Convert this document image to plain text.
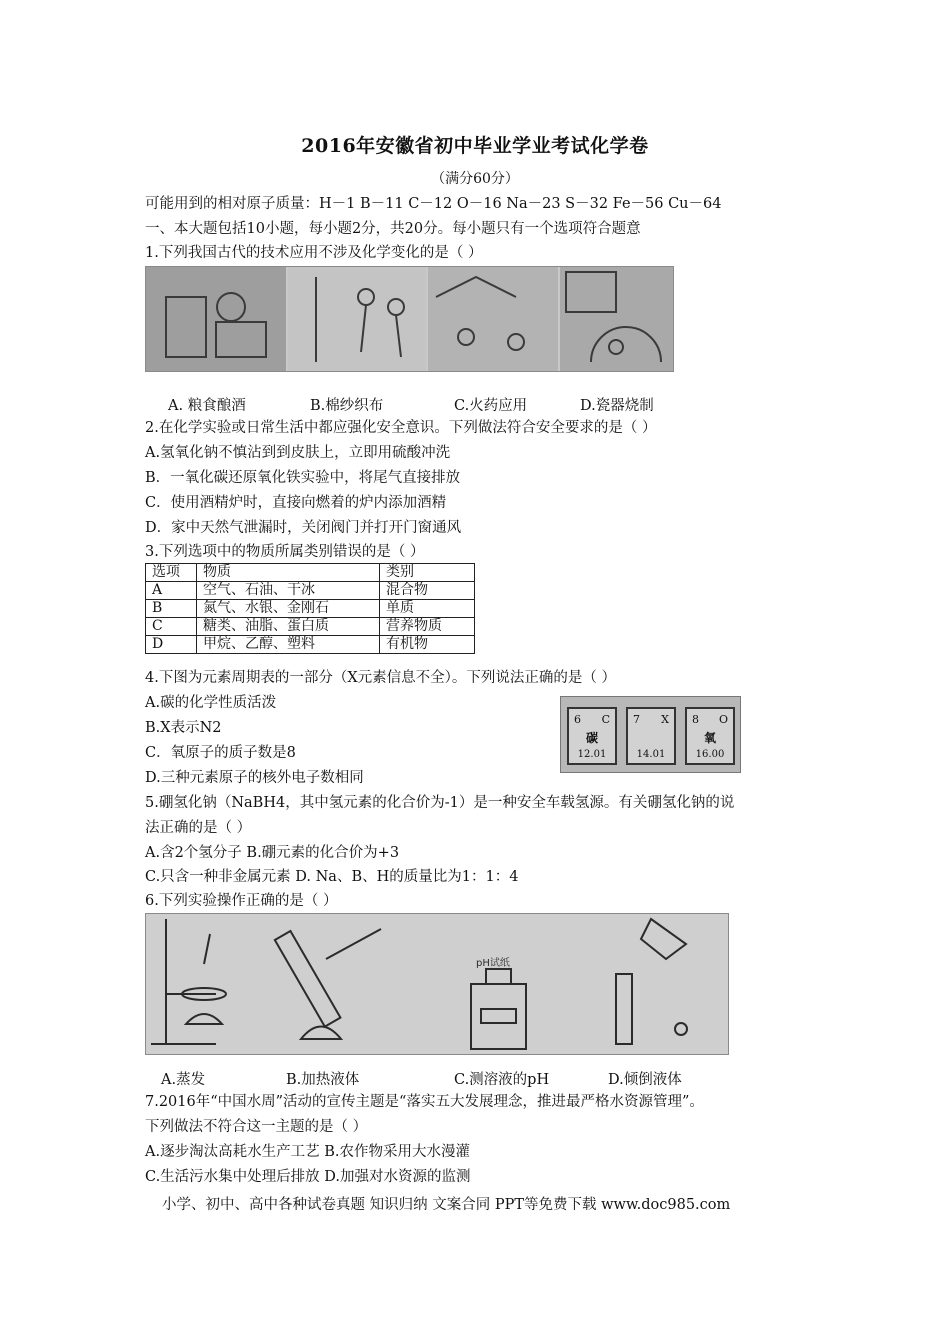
2016年安徽省初中毕业学业考试化学卷
（满分60分）
可能用到的相对原子质量：H－1 B－11 C－12 O－16 Na－23 S－32 Fe－56 Cu－64
一、本大题包括10小题，每小题2分，共20分。每小题只有一个选项符合题意
1.下列我国古代的技术应用不涉及化学变化的是（ ）
A. 粮食酿酒	B.棉纱织布	C.火药应用	D.瓷器烧制
2.在化学实验或日常生活中都应强化安全意识。下列做法符合安全要求的是（ ）
A.氢氧化钠不慎沾到到皮肤上，立即用硫酸冲洗
B．一氧化碳还原氧化铁实验中，将尾气直接排放
C．使用酒精炉时，直接向燃着的炉内添加酒精
D．家中天然气泄漏时，关闭阀门并打开门窗通风
3.下列选项中的物质所属类别错误的是（ ）
选项	物质	类别
A	空气、石油、干冰	混合物
B	氮气、水银、金刚石	单质
C	糖类、油脂、蛋白质	营养物质
D	甲烷、乙醇、塑料	有机物
4.下图为元素周期表的一部分（X元素信息不全）。下列说法正确的是（ ）
A.碳的化学性质活泼
B.X表示N2
C．氧原子的质子数是8
D.三种元素原子的核外电子数相同
6 C
碳
12.01
7 X
14.01
8 O
氧
16.00
5.硼氢化钠（NaBH4，其中氢元素的化合价为-1）是一种安全车载氢源。有关硼氢化钠的说
法正确的是（ ）
A.含2个氢分子 B.硼元素的化合价为+3
C.只含一种非金属元素 D. Na、B、H的质量比为1：1：4
6.下列实验操作正确的是（ ）
pH试纸
A.蒸发	B.加热液体	C.测溶液的pH	D.倾倒液体
7.2016年“中国水周”活动的宣传主题是“落实五大发展理念，推进最严格水资源管理”。
下列做法不符合这一主题的是（ ）
A.逐步淘汰高耗水生产工艺 B.农作物采用大水漫灌
C.生活污水集中处理后排放 D.加强对水资源的监测
小学、初中、高中各种试卷真题 知识归纳 文案合同 PPT等免费下载 www.doc985.com
